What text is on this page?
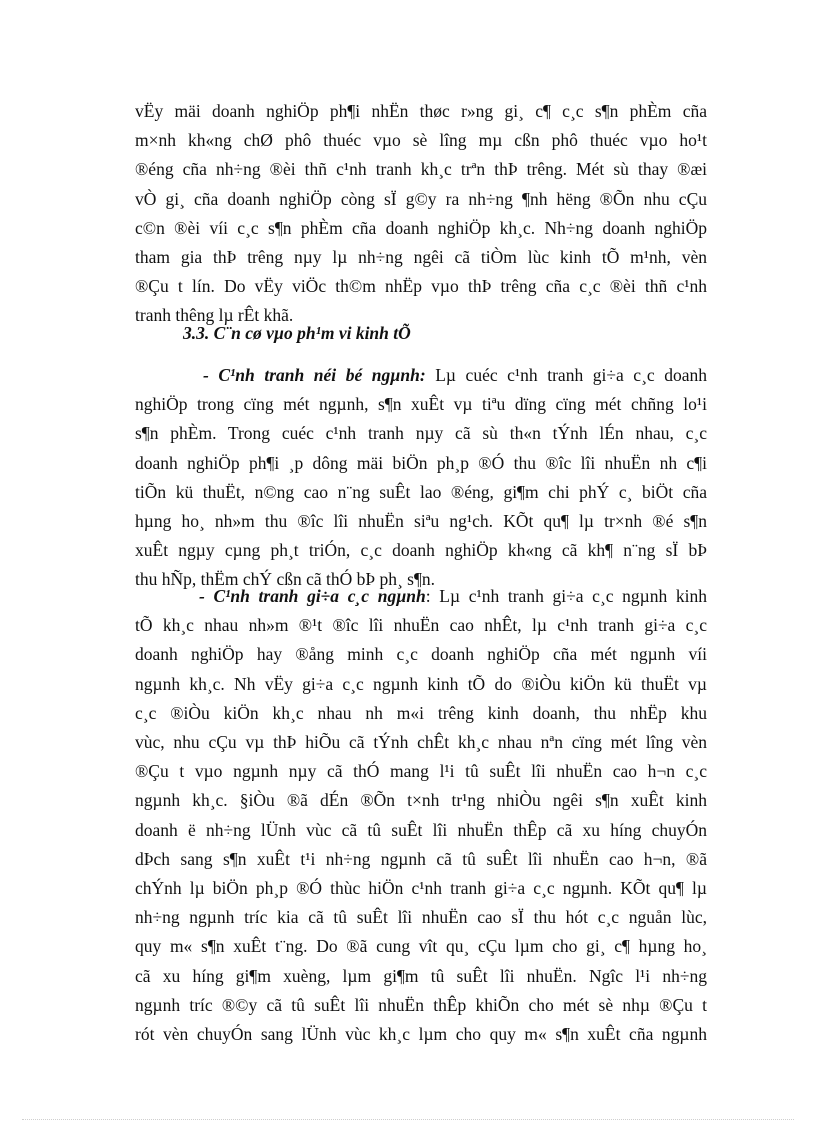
vËy mäi doanh nghiÖp ph¶i nhËn thøc r»ng gi¸ c¶ c¸c s¶n phÈm cña
m×nh kh«ng chØ phô thuéc vµo sè lîng mµ cßn phô thuéc vµo ho¹t
®éng cña nh÷ng ®èi thñ c¹nh tranh kh¸c trªn thÞ trêng. Mét sù thay ®æi
vÒ gi¸ cña doanh nghiÖp còng sÏ g©y ra nh÷ng ¶nh hëng ®Õn nhu cÇu
c©n ®èi víi c¸c s¶n phÈm cña doanh nghiÖp kh¸c. Nh÷ng doanh nghiÖp
tham gia thÞ trêng nµy lµ nh÷ng ngêi cã tiÒm lùc kinh tÕ m¹nh, vèn
®Çu t lín. Do vËy viÖc th©m nhËp vµo thÞ trêng cña c¸c ®èi thñ c¹nh
tranh thêng lµ rÊt khã.
3.3. C¨n cø vµo ph¹m vi kinh tÕ
- C¹nh tranh néi bé ngµnh: Lµ cuéc c¹nh tranh gi÷a c¸c doanh
nghiÖp trong cïng mét ngµnh, s¶n xuÊt vµ tiªu dïng cïng mét chñng lo¹i
s¶n phÈm. Trong cuéc c¹nh tranh nµy cã sù th«n tÝnh lÉn nhau, c¸c
doanh nghiÖp ph¶i ¸p dông mäi biÖn ph¸p ®Ó thu ®îc lîi nhuËn nh c¶i
tiÕn kü thuËt, n©ng cao n¨ng suÊt lao ®éng, gi¶m chi phÝ c¸ biÖt cña
hµng ho¸ nh»m thu ®îc lîi nhuËn siªu ng¹ch. KÕt qu¶ lµ tr×nh ®é s¶n
xuÊt ngµy cµng ph¸t triÓn, c¸c doanh nghiÖp kh«ng cã kh¶ n¨ng sÏ bÞ
thu hÑp, thËm chÝ cßn cã thÓ bÞ ph¸ s¶n.
- C¹nh tranh gi÷a c¸c ngµnh: Lµ c¹nh tranh gi÷a c¸c ngµnh kinh
tÕ kh¸c nhau nh»m ®¹t ®îc lîi nhuËn cao nhÊt, lµ c¹nh tranh gi÷a c¸c
doanh nghiÖp hay ®ång minh c¸c doanh nghiÖp cña mét ngµnh víi
ngµnh kh¸c. Nh vËy gi÷a c¸c ngµnh kinh tÕ do ®iÒu kiÖn kü thuËt vµ
c¸c ®iÒu kiÖn kh¸c nhau nh m«i trêng kinh doanh, thu nhËp khu
vùc, nhu cÇu vµ thÞ hiÕu cã tÝnh chÊt kh¸c nhau nªn cïng mét lîng vèn
®Çu t vµo ngµnh nµy cã thÓ mang l¹i tû suÊt lîi nhuËn cao h¬n c¸c
ngµnh kh¸c. §iÒu ®ã dÉn ®Õn t×nh tr¹ng nhiÒu ngêi s¶n xuÊt kinh
doanh ë nh÷ng lÜnh vùc cã tû suÊt lîi nhuËn thÊp cã xu híng chuyÓn
dÞch sang s¶n xuÊt t¹i nh÷ng ngµnh cã tû suÊt lîi nhuËn cao h¬n, ®ã
chÝnh lµ biÖn ph¸p ®Ó thùc hiÖn c¹nh tranh gi÷a c¸c ngµnh. KÕt qu¶ lµ
nh÷ng ngµnh tríc kia cã tû suÊt lîi nhuËn cao sÏ thu hót c¸c nguån lùc,
quy m« s¶n xuÊt t¨ng. Do ®ã cung vît qu¸ cÇu lµm cho gi¸ c¶ hµng ho¸
cã xu híng gi¶m xuèng, lµm gi¶m tû suÊt lîi nhuËn. Ngîc l¹i nh÷ng
ngµnh tríc ®©y cã tû suÊt lîi nhuËn thÊp khiÕn cho mét sè nhµ ®Çu t
rót vèn chuyÓn sang lÜnh vùc kh¸c lµm cho quy m« s¶n xuÊt cña ngµnh
